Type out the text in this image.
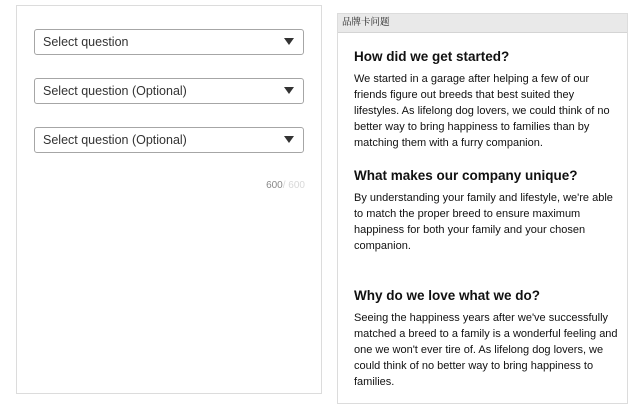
Select question
Select question (Optional)
Select question (Optional)
600/ 600
品牌卡问题
How did we get started?

We started in a garage after helping a few of our friends figure out breeds that best suited they lifestyles. As lifelong dog lovers, we could think of no better way to bring happiness to families than by matching them with a furry companion.

What makes our company unique?

By understanding your family and lifestyle, we're able to match the proper breed to ensure maximum happiness for both your family and your chosen companion.

Why do we love what we do?

Seeing the happiness years after we've successfully matched a breed to a family is a wonderful feeling and one we won't ever tire of. As lifelong dog lovers, we could think of no better way to bring happiness to families.
